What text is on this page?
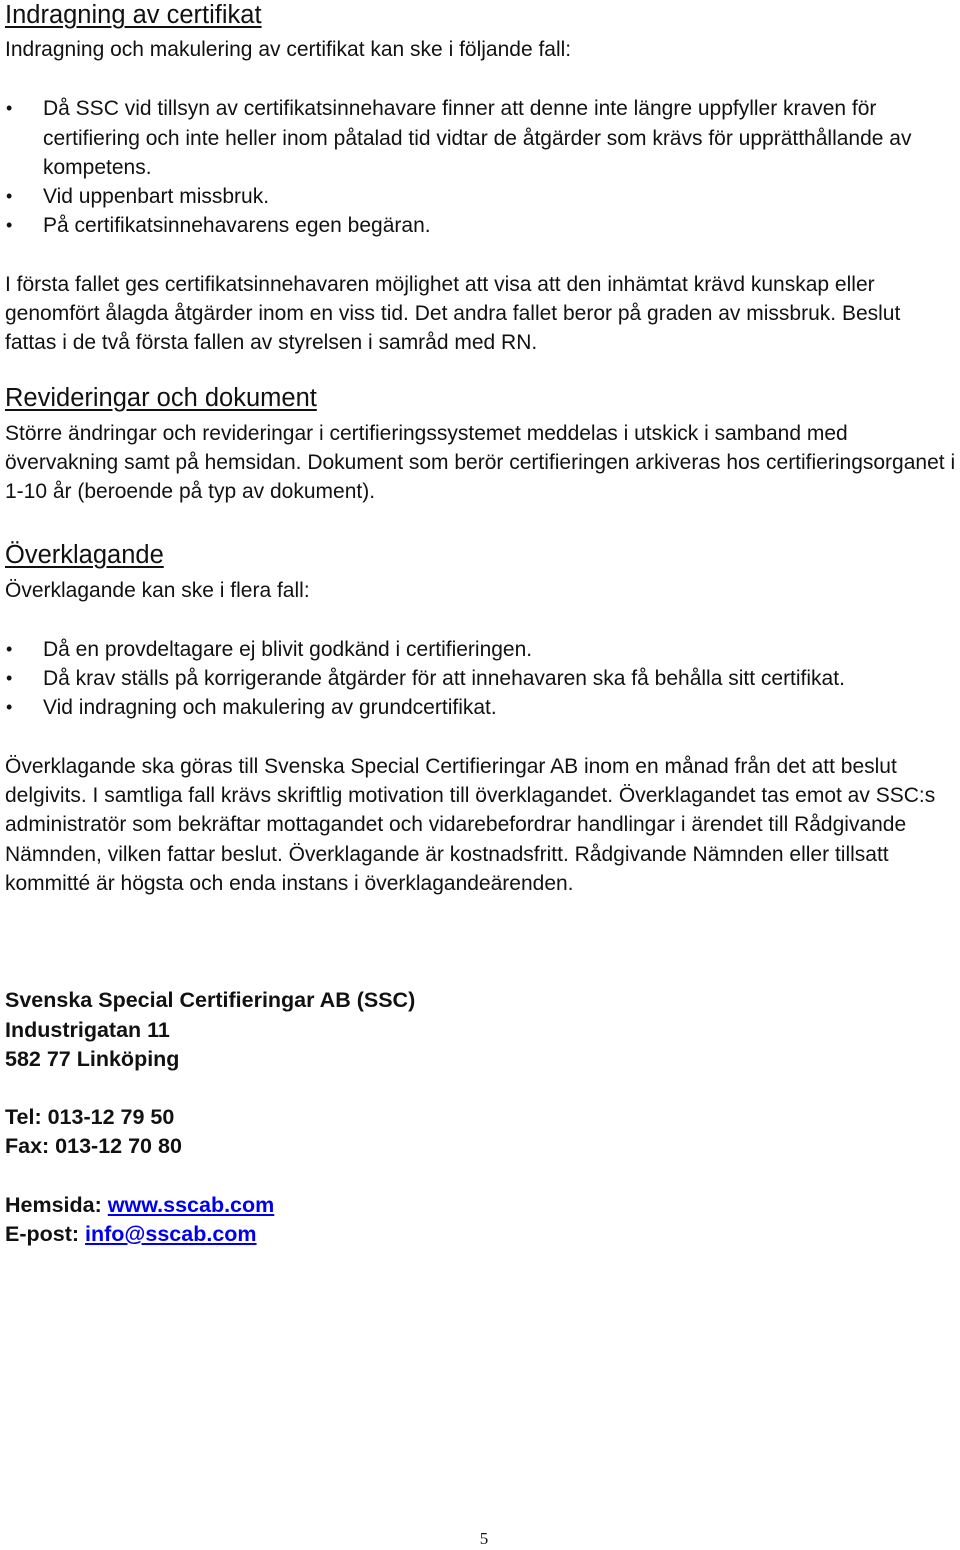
Indragning av certifikat

Indragning och makulering av certifikat kan ske i följande fall:

• Då SSC vid tillsyn av certifikatsinnehavare finner att denne inte längre uppfyller kraven för certifiering och inte heller inom påtalad tid vidtar de åtgärder som krävs för upprätthållande av kompetens.
• Vid uppenbart missbruk.
• På certifikatsinnehavarens egen begäran.

I första fallet ges certifikatsinnehavaren möjlighet att visa att den inhämtat krävd kunskap eller genomfört ålagda åtgärder inom en viss tid. Det andra fallet beror på graden av missbruk. Beslut fattas i de två första fallen av styrelsen i samråd med RN.

Revideringar och dokument

Större ändringar och revideringar i certifieringssystemet meddelas i utskick i samband med övervakning samt på hemsidan. Dokument som berör certifieringen arkiveras hos certifieringsorganet i 1-10 år (beroende på typ av dokument).

Överklagande

Överklagande kan ske i flera fall:

• Då en provdeltagare ej blivit godkänd i certifieringen.
• Då krav ställs på korrigerande åtgärder för att innehavaren ska få behålla sitt certifikat.
• Vid indragning och makulering av grundcertifikat.

Överklagande ska göras till Svenska Special Certifieringar AB inom en månad från det att beslut delgivits. I samtliga fall krävs skriftlig motivation till överklagandet. Överklagandet tas emot av SSC:s administratör som bekräftar mottagandet och vidarebefordrar handlingar i ärendet till Rådgivande Nämnden, vilken fattar beslut. Överklagande är kostnadsfritt. Rådgivande Nämnden eller tillsatt kommitté är högsta och enda instans i överklagandeärenden.

Svenska Special Certifieringar AB (SSC)
Industrigatan 11
582 77 Linköping
Tel: 013-12 79 50
Fax: 013-12 70 80
Hemsida: www.sscab.com
E-post: info@sscab.com
5
